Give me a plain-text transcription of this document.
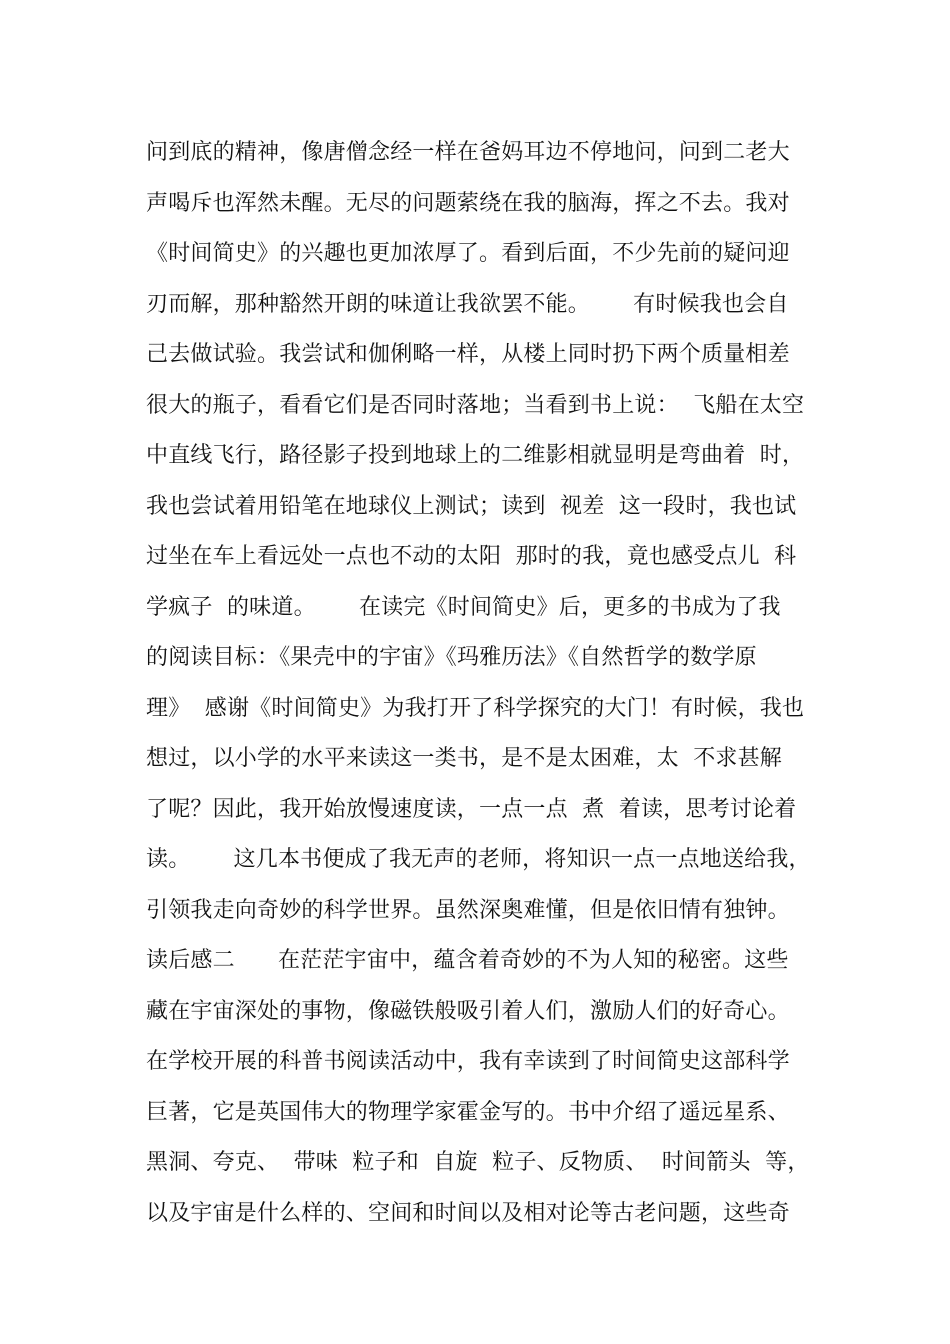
问到底的精神，像唐僧念经一样在爸妈耳边不停地问，问到二老大
声喝斥也浑然未醒。无尽的问题萦绕在我的脑海，挥之不去。我对
《时间简史》的兴趣也更加浓厚了。看到后面，不少先前的疑问迎
刃而解，那种豁然开朗的味道让我欲罢不能。      有时候我也会自
己去做试验。我尝试和伽俐略一样，从楼上同时扔下两个质量相差
很大的瓶子，看看它们是否同时落地；当看到书上说：  飞船在太空
中直线飞行，路径影子投到地球上的二维影相就显明是弯曲着  时，
我也尝试着用铅笔在地球仪上测试；读到  视差  这一段时，我也试
过坐在车上看远处一点也不动的太阳  那时的我，竟也感受点儿  科
学疯子  的味道。      在读完《时间简史》后，更多的书成为了我
的阅读目标：《果壳中的宇宙》《玛雅历法》《自然哲学的数学原
理》  感谢《时间简史》为我打开了科学探究的大门！有时候，我也
想过，以小学的水平来读这一类书，是不是太困难，太  不求甚解
了呢？因此，我开始放慢速度读，一点一点  煮  着读，思考讨论着
读。      这几本书便成了我无声的老师，将知识一点一点地送给我，
引领我走向奇妙的科学世界。虽然深奥难懂，但是依旧情有独钟。
读后感二      在茫茫宇宙中，蕴含着奇妙的不为人知的秘密。这些
藏在宇宙深处的事物，像磁铁般吸引着人们，激励人们的好奇心。
在学校开展的科普书阅读活动中，我有幸读到了时间简史这部科学
巨著，它是英国伟大的物理学家霍金写的。书中介绍了遥远星系、
黑洞、夸克、  带味  粒子和  自旋  粒子、反物质、  时间箭头  等，
以及宇宙是什么样的、空间和时间以及相对论等古老问题，这些奇
